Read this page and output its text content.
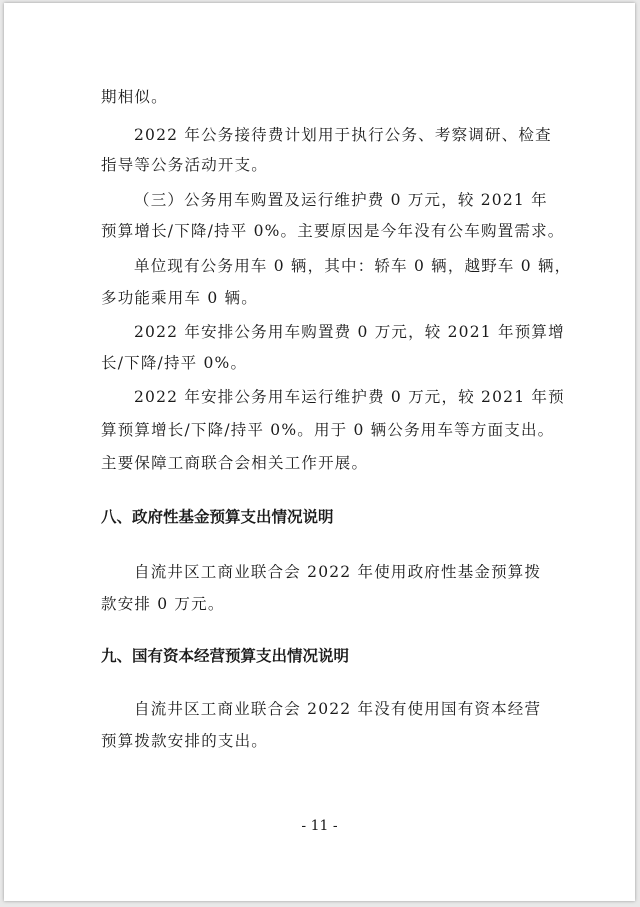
期相似。
2022 年公务接待费计划用于执行公务、考察调研、检查
指导等公务活动开支。
（三）公务用车购置及运行维护费 0 万元，较 2021 年
预算增长/下降/持平 0%。主要原因是今年没有公车购置需求。
单位现有公务用车 0 辆，其中：轿车 0 辆，越野车 0 辆，
多功能乘用车 0 辆。
2022 年安排公务用车购置费 0 万元，较 2021 年预算增
长/下降/持平 0%。
2022 年安排公务用车运行维护费 0 万元，较 2021 年预
算预算增长/下降/持平 0%。用于 0 辆公务用车等方面支出。
主要保障工商联合会相关工作开展。
八、政府性基金预算支出情况说明
自流井区工商业联合会 2022 年使用政府性基金预算拨
款安排 0 万元。
九、国有资本经营预算支出情况说明
自流井区工商业联合会 2022 年没有使用国有资本经营
预算拨款安排的支出。
- 11 -
